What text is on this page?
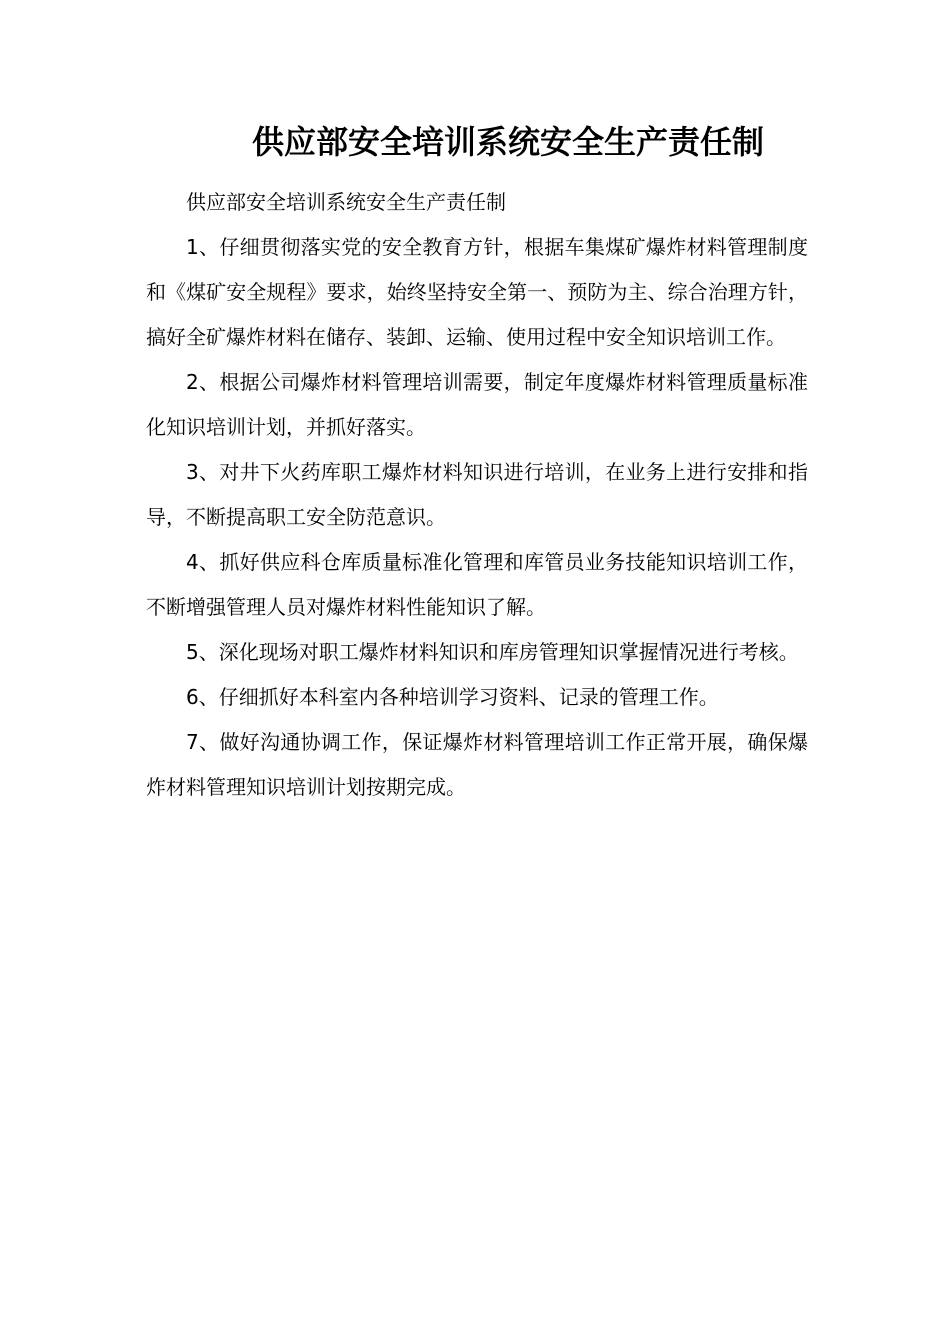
供应部安全培训系统安全生产责任制

供应部安全培训系统安全生产责任制

1、仔细贯彻落实党的安全教育方针，根据车集煤矿爆炸材料管理制度和《煤矿安全规程》要求，始终坚持安全第一、预防为主、综合治理方针，搞好全矿爆炸材料在储存、装卸、运输、使用过程中安全知识培训工作。

2、根据公司爆炸材料管理培训需要，制定年度爆炸材料管理质量标准化知识培训计划，并抓好落实。

3、对井下火药库职工爆炸材料知识进行培训，在业务上进行安排和指导，不断提高职工安全防范意识。

4、抓好供应科仓库质量标准化管理和库管员业务技能知识培训工作，不断增强管理人员对爆炸材料性能知识了解。

5、深化现场对职工爆炸材料知识和库房管理知识掌握情况进行考核。

6、仔细抓好本科室内各种培训学习资料、记录的管理工作。

7、做好沟通协调工作，保证爆炸材料管理培训工作正常开展，确保爆炸材料管理知识培训计划按期完成。
